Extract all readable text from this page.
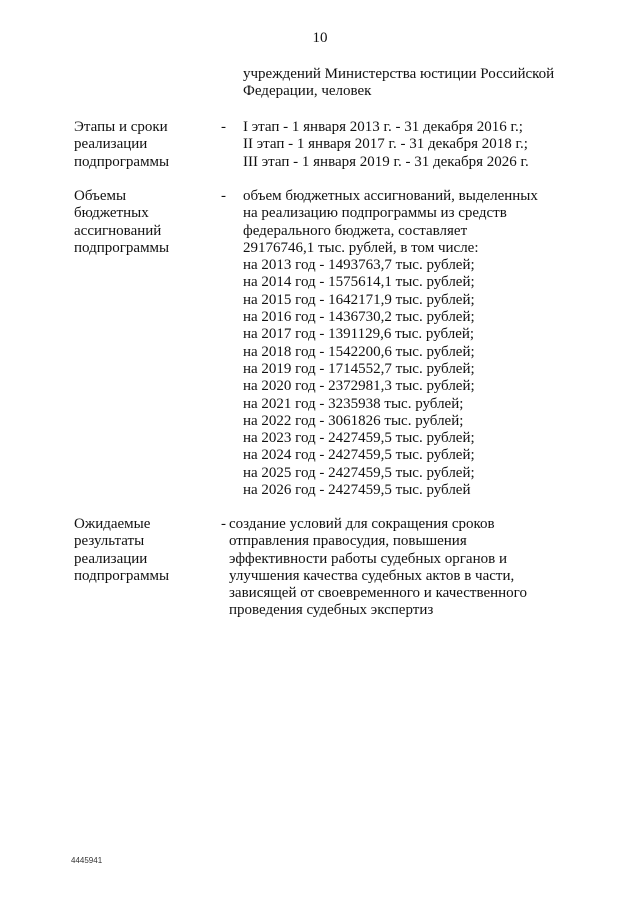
10
учреждений Министерства юстиции Российской
Федерации, человек
Этапы и сроки
реализации
подпрограммы
- I этап - 1 января 2013 г. - 31 декабря 2016 г.;
II этап - 1 января 2017 г. - 31 декабря 2018 г.;
III этап - 1 января 2019 г. - 31 декабря 2026 г.
Объемы
бюджетных
ассигнований
подпрограммы
- объем бюджетных ассигнований, выделенных
на реализацию подпрограммы из средств
федерального бюджета, составляет
29176746,1 тыс. рублей, в том числе:
на 2013 год - 1493763,7 тыс. рублей;
на 2014 год - 1575614,1 тыс. рублей;
на 2015 год - 1642171,9 тыс. рублей;
на 2016 год - 1436730,2 тыс. рублей;
на 2017 год - 1391129,6 тыс. рублей;
на 2018 год - 1542200,6 тыс. рублей;
на 2019 год - 1714552,7 тыс. рублей;
на 2020 год - 2372981,3 тыс. рублей;
на 2021 год - 3235938 тыс. рублей;
на 2022 год - 3061826 тыс. рублей;
на 2023 год - 2427459,5 тыс. рублей;
на 2024 год - 2427459,5 тыс. рублей;
на 2025 год - 2427459,5 тыс. рублей;
на 2026 год - 2427459,5 тыс. рублей
Ожидаемые
результаты
реализации
подпрограммы
- создание условий для сокращения сроков
отправления правосудия, повышения
эффективности работы судебных органов и
улучшения качества судебных актов в части,
зависящей от своевременного и качественного
проведения судебных экспертиз
4445941
